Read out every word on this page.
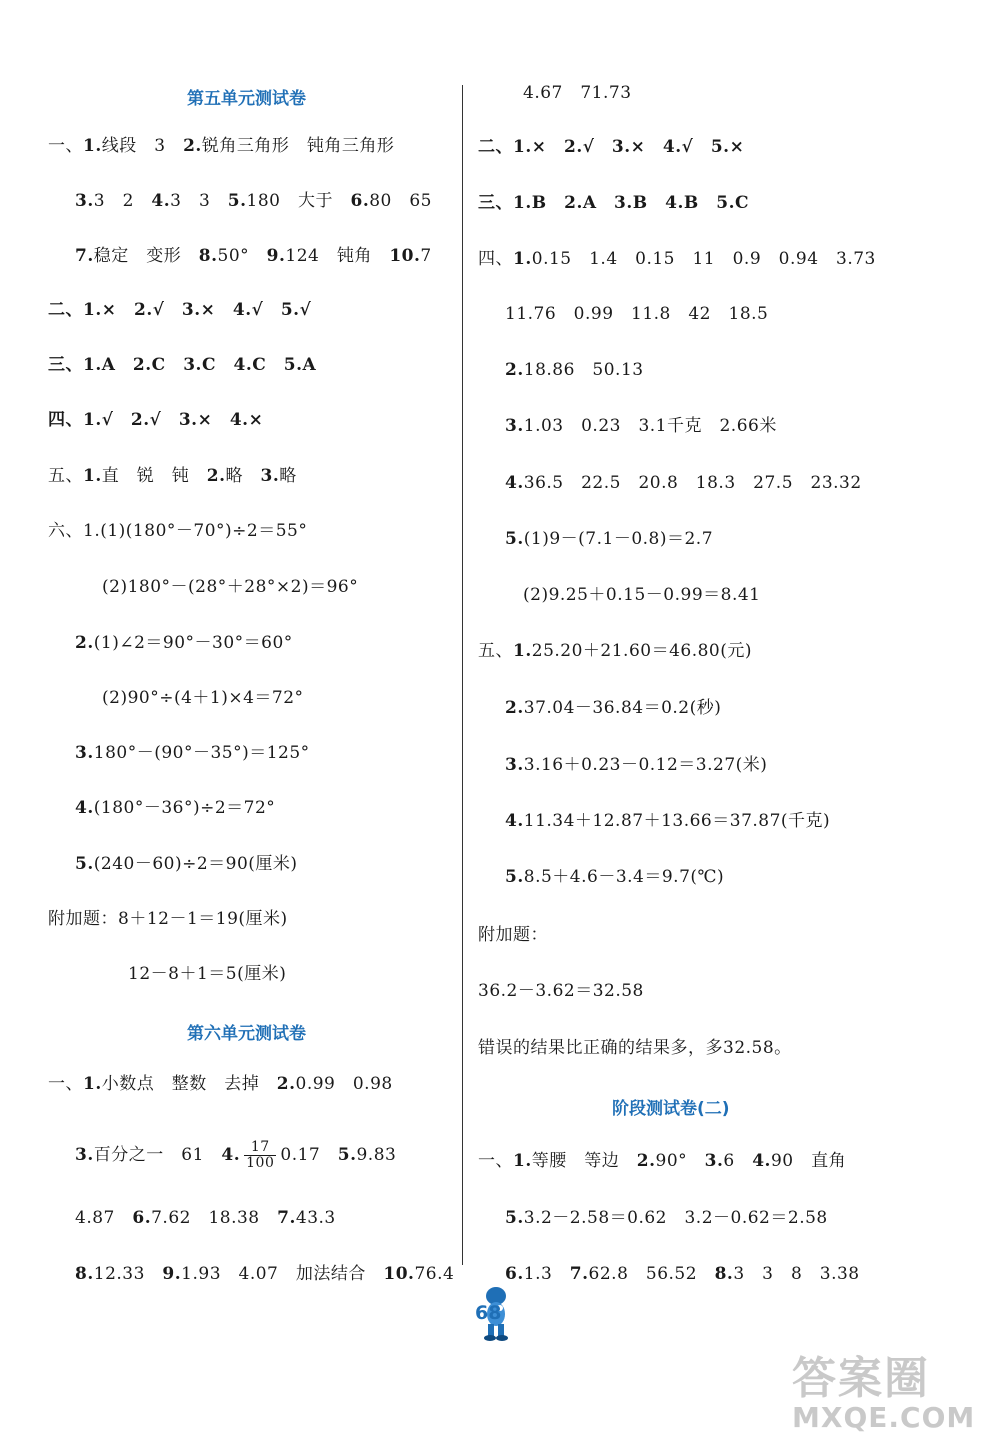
第五单元测试卷
一、1.线段　3　2.锐角三角形　钝角三角形
3.3　2　4.3　3　5.180　大于　6.80　65
7.稳定　变形　8.50°　9.124　钝角　10.7
二、1.×　2.√　3.×　4.√　5.√
三、1.A　2.C　3.C　4.C　5.A
四、1.√　2.√　3.×　4.×
五、1.直　锐　钝　2.略　3.略
六、1.(1)(180°－70°)÷2＝55°
(2)180°－(28°＋28°×2)＝96°
2.(1)∠2＝90°－30°＝60°
(2)90°÷(4＋1)×4＝72°
3.180°－(90°－35°)＝125°
4.(180°－36°)÷2＝72°
5.(240－60)÷2＝90(厘米)
附加题：8＋12－1＝19(厘米)
12－8＋1＝5(厘米)
第六单元测试卷
一、1.小数点　整数　去掉　2.0.99　0.98
3.百分之一　61　4. $\frac{17}{100} 0.17$　5.9.83
4.87　6.7.62　18.38　7.43.3
8.12.33　9.1.93　4.07　加法结合　10.76.4
4.67　71.73
二、1.×　2.√　3.×　4.√　5.×
三、1.B　2.A　3.B　4.B　5.C
四、1.0.15　1.4　0.15　11　0.9　0.94　3.73
11.76　0.99　11.8　42　18.5
2.18.86　50.13
3.1.03　0.23　3.1千克　2.66米
4.36.5　22.5　20.8　18.3　27.5　23.32
5.(1)9－(7.1－0.8)＝2.7
(2)9.25＋0.15－0.99＝8.41
五、1.25.20＋21.60＝46.80(元)
2.37.04－36.84＝0.2(秒)
3.3.16＋0.23－0.12＝3.27(米)
4.11.34＋12.87＋13.66＝37.87(千克)
5.8.5＋4.6－3.4＝9.7(℃)
附加题：
36.2－3.62＝32.58
错误的结果比正确的结果多，多32.58。
阶段测试卷(二)
一、1.等腰　等边　2.90°　3.6　4.90　直角
5.3.2－2.58＝0.62　3.2－0.62＝2.58
6.1.3　7.62.8　56.52　8.3　3　8　3.38
68
答案圈
MXQE.COM
